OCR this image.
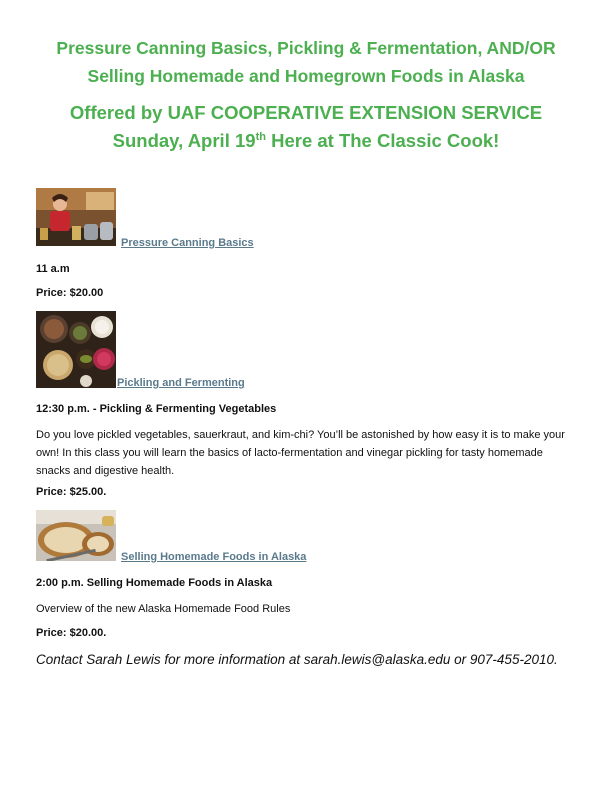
Pressure Canning Basics, Pickling & Fermentation, AND/OR

Selling Homemade and Homegrown Foods in Alaska

Offered by UAF COOPERATIVE EXTENSION SERVICE

Sunday, April 19th Here at The Classic Cook!

Pressure Canning Basics
11 a.m
Price: $20.00
Pickling and Fermenting
12:30 p.m. - Pickling & Fermenting Vegetables
Do you love pickled vegetables, sauerkraut, and kim-chi? You’ll be astonished by how easy it is to make your own! In this class you will learn the basics of lacto-fermentation and vinegar pickling for tasty homemade snacks and digestive health.
Price: $25.00.
Selling Homemade Foods in Alaska
2:00 p.m. Selling Homemade Foods in Alaska
Overview of the new Alaska Homemade Food Rules
Price: $20.00.
Contact Sarah Lewis for more information at sarah.lewis@alaska.edu or 907-455-2010.
